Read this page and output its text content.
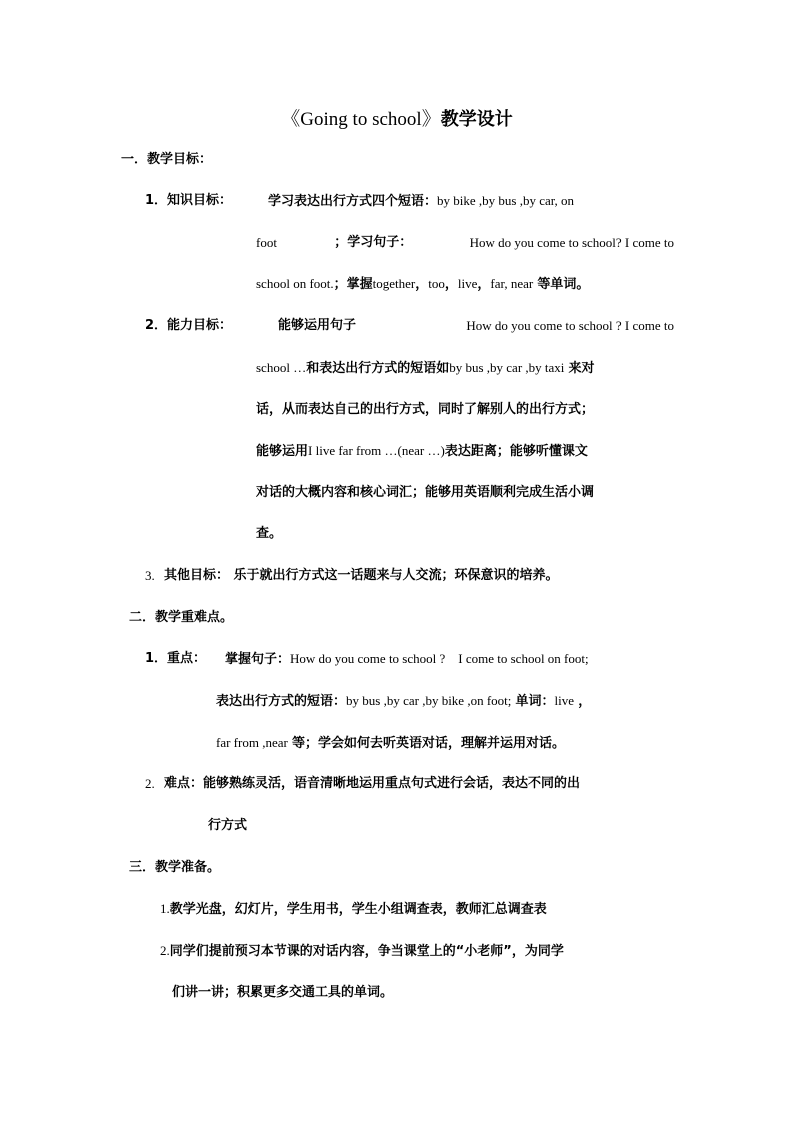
《Going to school》教学设计
一．教学目标：
1．知识目标：	学习表达出行方式四个短语：by bike ,by bus ,by car, on
foot	；学习句子：	How do you come to school? I come to
school on foot.；掌握together，too，live，far, near 等单词。
2．能力目标：	能够运用句子	How do you come to school ? I come to
school …和表达出行方式的短语如by bus ,by car ,by taxi 来对
话，从而表达自己的出行方式，同时了解别人的出行方式；
能够运用I live far from …(near …)表达距离；能够听懂课文
对话的大概内容和核心词汇；能够用英语顺利完成生活小调
查。
3. 其他目标： 乐于就出行方式这一话题来与人交流；环保意识的培养。
二．教学重难点。
1．重点： 掌握句子：How do you come to school ?    I come to school on foot;
表达出行方式的短语：by bus ,by car ,by bike ,on foot; 单词：live ，
far from ,near 等；学会如何去听英语对话，理解并运用对话。
2. 难点：能够熟练灵活，语音清晰地运用重点句式进行会话，表达不同的出
行方式
三．教学准备。
1.教学光盘，幻灯片，学生用书，学生小组调查表，教师汇总调查表
2.同学们提前预习本节课的对话内容，争当课堂上的“小老师”，为同学
们讲一讲；积累更多交通工具的单词。
